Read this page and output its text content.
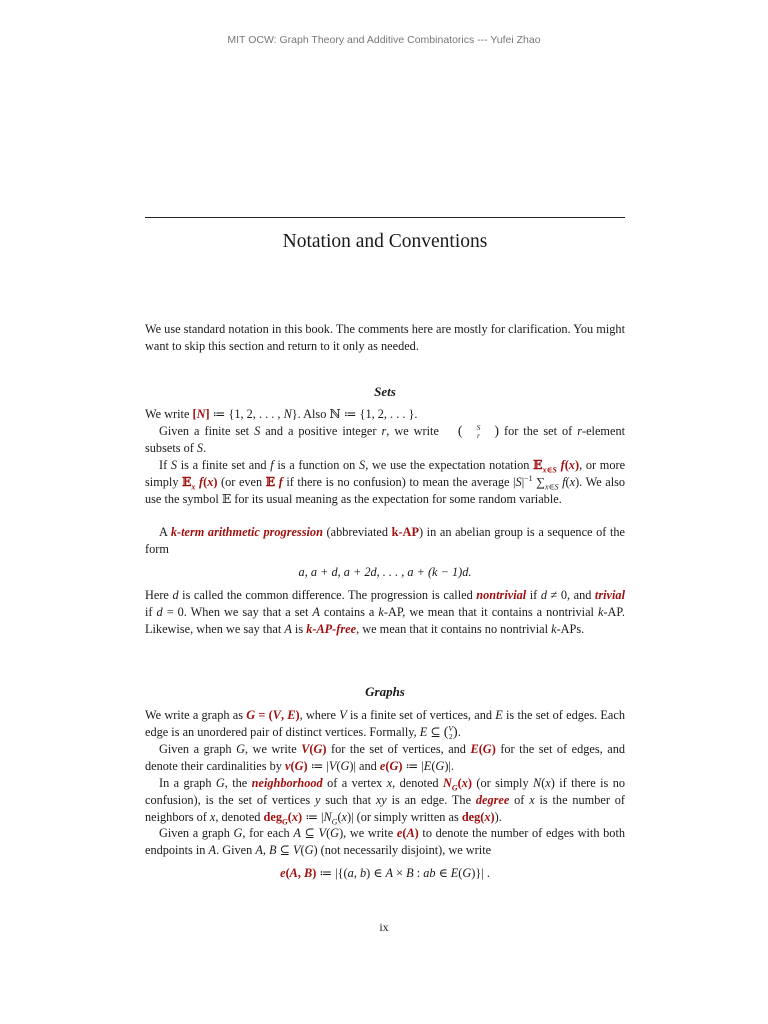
MIT OCW: Graph Theory and Additive Combinatorics --- Yufei Zhao
Notation and Conventions

We use standard notation in this book. The comments here are mostly for clarification. You might want to skip this section and return to it only as needed.

Sets

We write [N] ≔ {1, 2, . . . , N}. Also ℕ ≔ {1, 2, . . . }.

Given a finite set S and a positive integer r, we write	(	S
r	) for the set of r-element subsets of S.

If S is a finite set and f is a function on S, we use the expectation notation 𝔼$_{x\in S}$ f(x), or more simply 𝔼$_x$ f(x) (or even 𝔼 f if there is no confusion) to mean the average $|S|^{-1}$ $\sum_{x\in S}$ f(x). We also use the symbol 𝔼 for its usual meaning as the expectation for some random variable.

A k-term arithmetic progression (abbreviated k-AP) in an abelian group is a sequence of the form

a, a + d, a + 2d, . . . , a + (k − 1)d.

Here d is called the common difference. The progression is called nontrivial if d ≠ 0, and trivial if d = 0. When we say that a set A contains a k-AP, we mean that it contains a nontrivial k-AP. Likewise, when we say that A is k-AP-free, we mean that it contains no nontrivial k-APs.

Graphs

We write a graph as G = (V, E), where V is a finite set of vertices, and E is the set of edges. Each edge is an unordered pair of distinct vertices. Formally, E ⊆ ( V
2 ) .

Given a graph G, we write V(G) for the set of vertices, and E(G) for the set of edges, and denote their cardinalities by v(G) ≔ |V(G)| and e(G) ≔ |E(G)|.

In a graph G, the neighborhood of a vertex x, denoted $N_G(x)$ (or simply N(x) if there is no confusion), is the set of vertices y such that xy is an edge. The degree of x is the number of neighbors of x, denoted deg$_G$(x) ≔ $|N_G(x)|$ (or simply written as deg(x)).

Given a graph G, for each A ⊆ V(G), we write e(A) to denote the number of edges with both endpoints in A. Given A, B ⊆ V(G) (not necessarily disjoint), we write

e(A, B) ≔ |{(a, b) ∈ A × B : ab ∈ E(G)}| .
ix
